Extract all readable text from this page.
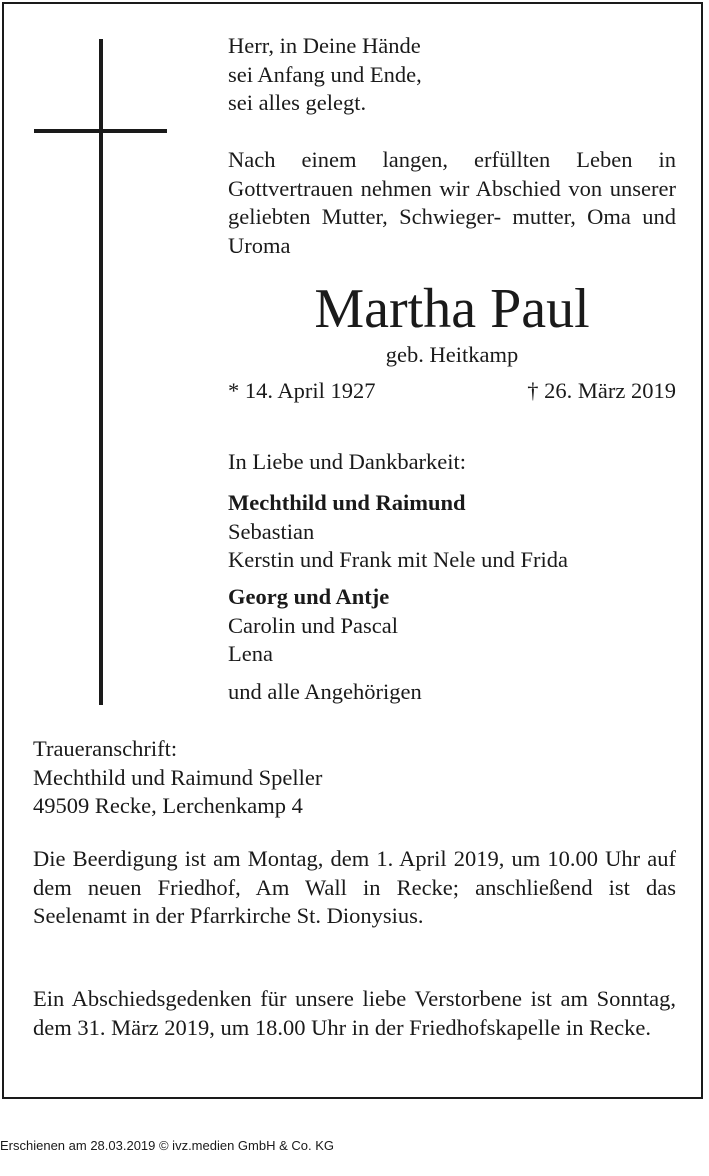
Herr, in Deine Hände
sei Anfang und Ende,
sei alles gelegt.
Nach einem langen, erfüllten Leben in Gottvertrauen nehmen wir Abschied von unserer geliebten Mutter, Schwieger- mutter, Oma und Uroma
Martha Paul
geb. Heitkamp
* 14. April 1927	† 26. März 2019
In Liebe und Dankbarkeit:
Mechthild und Raimund
Sebastian
Kerstin und Frank mit Nele und Frida
Georg und Antje
Carolin und Pascal
Lena
und alle Angehörigen
Traueranschrift:
Mechthild und Raimund Speller
49509 Recke, Lerchenkamp 4
Die Beerdigung ist am Montag, dem 1. April 2019, um 10.00 Uhr auf dem neuen Friedhof, Am Wall in Recke; anschließend ist das Seelenamt in der Pfarrkirche St. Dionysius.
Ein Abschiedsgedenken für unsere liebe Verstorbene ist am Sonntag, dem 31. März 2019, um 18.00 Uhr in der Friedhofskapelle in Recke.
Erschienen am 28.03.2019 © ivz.medien GmbH & Co. KG
